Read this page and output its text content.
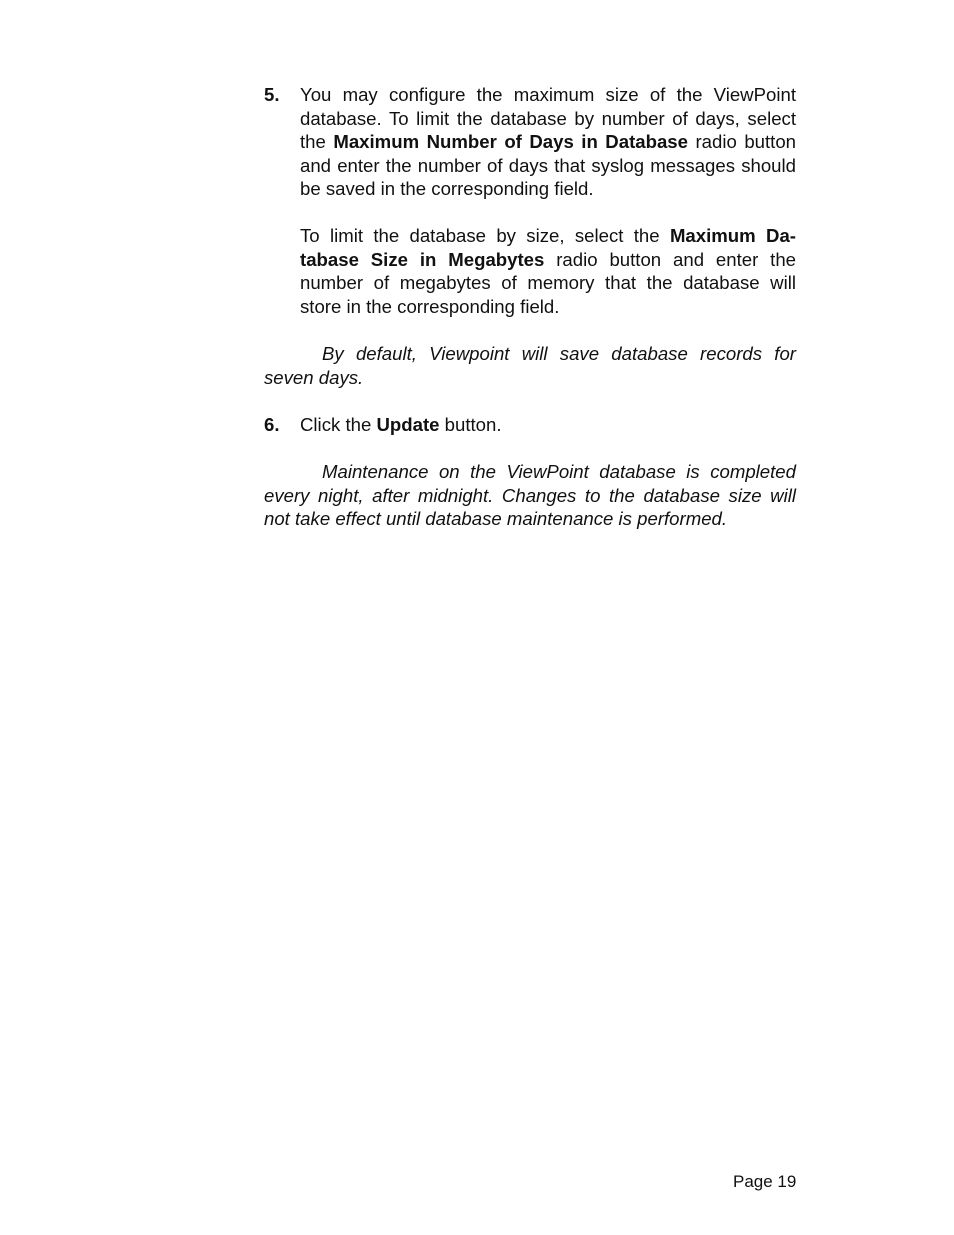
5. You may configure the maximum size of the ViewPoint database. To limit the database by number of days, select the Maximum Number of Days in Database radio button and enter the number of days that syslog messages should be saved in the corresponding field.

To limit the database by size, select the Maximum Database Size in Megabytes radio button and enter the number of megabytes of memory that the database will store in the corresponding field.

By default, Viewpoint will save database records for seven days.
6. Click the Update button.

Maintenance on the ViewPoint database is completed every night, after midnight. Changes to the database size will not take effect until database maintenance is performed.
Page 19
